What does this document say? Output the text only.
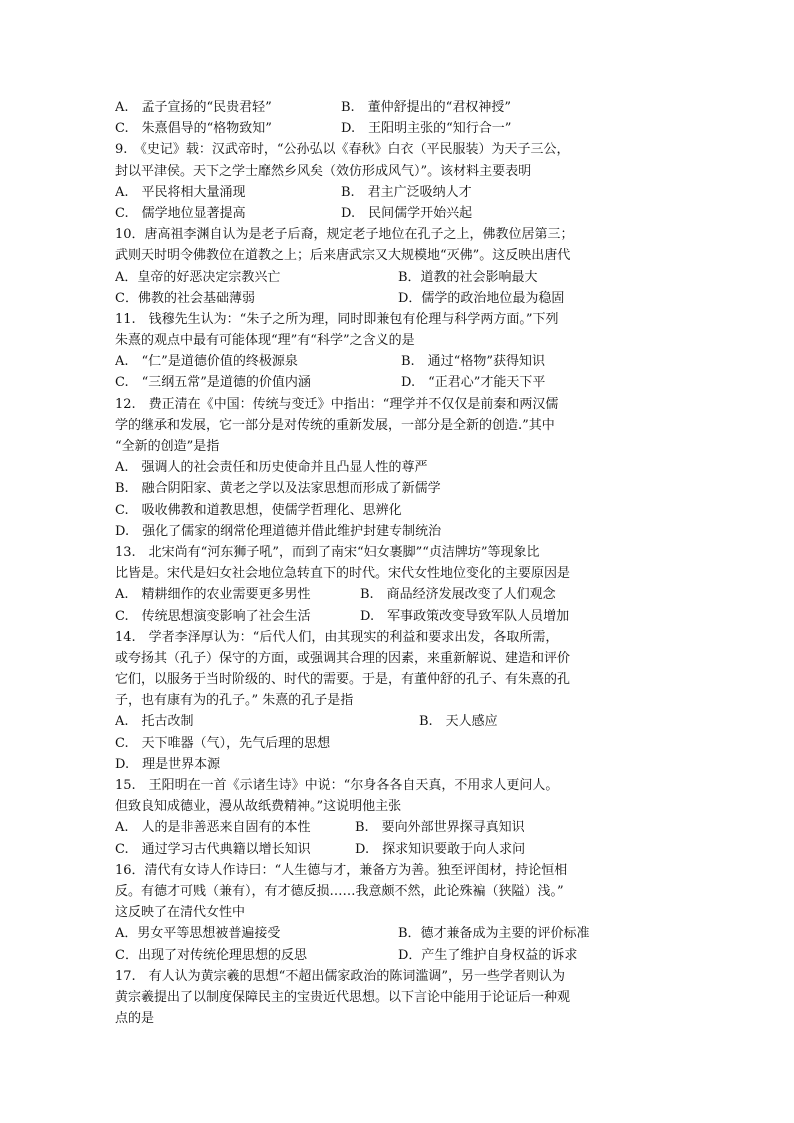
A.　孟子宣扬的“民贵君轻”	B.　董仲舒提出的“君权神授”
C.　朱熹倡导的“格物致知”	D.　王阳明主张的“知行合一”
9.　《史记》载：汉武帝时，“公孙弘以《春秋》白衣（平民服装）为天子三公，
封以平津侯。天下之学士靡然乡风矣（效仿形成风气）”。该材料主要表明
A.　平民将相大量涌现	B.　君主广泛吸纳人才
C.　儒学地位显著提高	D.　民间儒学开始兴起
10．唐高祖李渊自认为是老子后裔，规定老子地位在孔子之上，佛教位居第三；
武则天时明令佛教位在道教之上；后来唐武宗又大规模地“灭佛”。这反映出唐代
A．皇帝的好恶决定宗教兴亡	B．道教的社会影响最大
C．佛教的社会基础薄弱	D．儒学的政治地位最为稳固
11.　钱穆先生认为：“朱子之所为理，同时即兼包有伦理与科学两方面。”下列
朱熹的观点中最有可能体现“理”有“科学”之含义的是
A.　“仁”是道德价值的终极源泉	B.　通过“格物”获得知识
C.　“三纲五常”是道德的价值内涵	D.　“正君心”才能天下平
12.　费正清在《中国：传统与变迁》中指出：“理学并不仅仅是前秦和两汉儒
学的继承和发展，它一部分是对传统的重新发展，一部分是全新的创造.”其中
“全新的创造”是指
A.　强调人的社会责任和历史使命并且凸显人性的尊严
B.　融合阴阳家、黄老之学以及法家思想而形成了新儒学
C.　吸收佛教和道教思想，使儒学哲理化、思辨化
D.　强化了儒家的纲常伦理道德并借此维护封建专制统治
13.　北宋尚有“河东狮子吼”，而到了南宋“妇女裹脚”“贞洁牌坊”等现象比
比皆是。宋代是妇女社会地位急转直下的时代。宋代女性地位变化的主要原因是
A.　精耕细作的农业需要更多男性	B.　商品经济发展改变了人们观念
C.　传统思想演变影响了社会生活	D.　军事政策改变导致军队人员增加
14.　学者李泽厚认为：“后代人们，由其现实的利益和要求出发，各取所需，
或夸扬其（孔子）保守的方面，或强调其合理的因素，来重新解说、建造和评价
它们，以服务于当时阶级的、时代的需要。于是，有董仲舒的孔子、有朱熹的孔
子，也有康有为的孔子。” 朱熹的孔子是指
A.　托古改制	B.　天人感应
C.　天下唯器（气），先气后理的思想
D.　理是世界本源
15.　王阳明在一首《示诸生诗》中说：“尔身各各自天真，不用求人更问人。
但致良知成德业，漫从故纸费精神。”这说明他主张
A.　人的是非善恶来自固有的本性	B.　要向外部世界探寻真知识
C.　通过学习古代典籍以增长知识	D.　探求知识要敢于向人求问
16．清代有女诗人作诗曰：“人生德与才，兼备方为善。独至评闺材，持论恒相
反。有德才可贱（兼有），有才德反损……我意颇不然，此论殊褊（狭隘）浅。”
这反映了在清代女性中
A．男女平等思想被普遍接受	B．德才兼备成为主要的评价标准
C．出现了对传统伦理思想的反思	D．产生了维护自身权益的诉求
17.　有人认为黄宗羲的思想“不超出儒家政治的陈词滥调”，另一些学者则认为
黄宗羲提出了以制度保障民主的宝贵近代思想。以下言论中能用于论证后一种观
点的是
